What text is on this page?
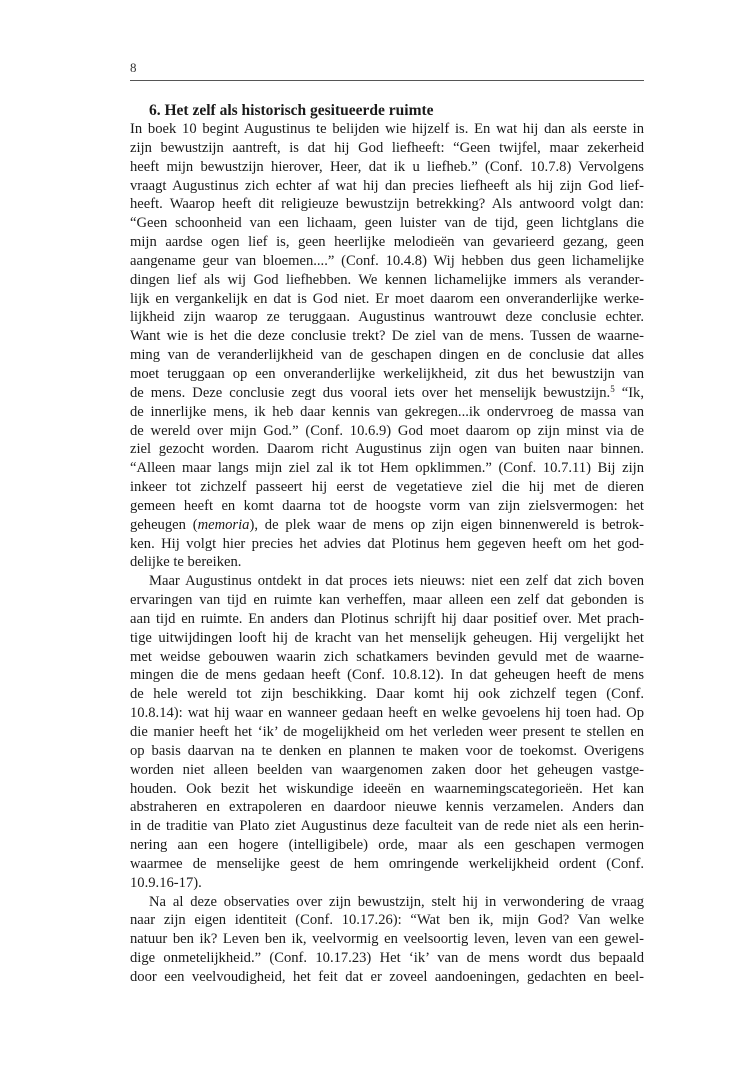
8
6. Het zelf als historisch gesitueerde ruimte

In boek 10 begint Augustinus te belijden wie hijzelf is. En wat hij dan als eerste in
zijn bewustzijn aantreft, is dat hij God liefheeft: “Geen twijfel, maar zekerheid
heeft mijn bewustzijn hierover, Heer, dat ik u liefheb.” (Conf. 10.7.8) Vervolgens
vraagt Augustinus zich echter af wat hij dan precies liefheeft als hij zijn God lief-
heeft. Waarop heeft dit religieuze bewustzijn betrekking? Als antwoord volgt dan:
“Geen schoonheid van een lichaam, geen luister van de tijd, geen lichtglans die
mijn aardse ogen lief is, geen heerlijke melodieën van gevarieerd gezang, geen
aangename geur van bloemen....” (Conf. 10.4.8) Wij hebben dus geen lichamelijke
dingen lief als wij God liefhebben. We kennen lichamelijke immers als verander-
lijk en vergankelijk en dat is God niet. Er moet daarom een onveranderlijke werke-
lijkheid zijn waarop ze teruggaan. Augustinus wantrouwt deze conclusie echter.
Want wie is het die deze conclusie trekt? De ziel van de mens. Tussen de waarne-
ming van de veranderlijkheid van de geschapen dingen en de conclusie dat alles
moet teruggaan op een onveranderlijke werkelijkheid, zit dus het bewustzijn van
de mens. Deze conclusie zegt dus vooral iets over het menselijk bewustzijn.$^5$ “Ik,
de innerlijke mens, ik heb daar kennis van gekregen...ik ondervroeg de massa van
de wereld over mijn God.” (Conf. 10.6.9) God moet daarom op zijn minst via de
ziel gezocht worden. Daarom richt Augustinus zijn ogen van buiten naar binnen.
“Alleen maar langs mijn ziel zal ik tot Hem opklimmen.” (Conf. 10.7.11) Bij zijn
inkeer tot zichzelf passeert hij eerst de vegetatieve ziel die hij met de dieren
gemeen heeft en komt daarna tot de hoogste vorm van zijn zielsvermogen: het
geheugen (memoria), de plek waar de mens op zijn eigen binnenwereld is betrok-
ken. Hij volgt hier precies het advies dat Plotinus hem gegeven heeft om het god-
delijke te bereiken.

Maar Augustinus ontdekt in dat proces iets nieuws: niet een zelf dat zich boven
ervaringen van tijd en ruimte kan verheffen, maar alleen een zelf dat gebonden is
aan tijd en ruimte. En anders dan Plotinus schrijft hij daar positief over. Met prach-
tige uitwijdingen looft hij de kracht van het menselijk geheugen. Hij vergelijkt het
met weidse gebouwen waarin zich schatkamers bevinden gevuld met de waarne-
mingen die de mens gedaan heeft (Conf. 10.8.12). In dat geheugen heeft de mens
de hele wereld tot zijn beschikking. Daar komt hij ook zichzelf tegen (Conf.
10.8.14): wat hij waar en wanneer gedaan heeft en welke gevoelens hij toen had. Op
die manier heeft het ‘ik’ de mogelijkheid om het verleden weer present te stellen en
op basis daarvan na te denken en plannen te maken voor de toekomst. Overigens
worden niet alleen beelden van waargenomen zaken door het geheugen vastge-
houden. Ook bezit het wiskundige ideeën en waarnemingscategorieën. Het kan
abstraheren en extrapoleren en daardoor nieuwe kennis verzamelen. Anders dan
in de traditie van Plato ziet Augustinus deze faculteit van de rede niet als een herin-
nering aan een hogere (intelligibele) orde, maar als een geschapen vermogen
waarmee de menselijke geest de hem omringende werkelijkheid ordent (Conf.
10.9.16-17).

Na al deze observaties over zijn bewustzijn, stelt hij in verwondering de vraag
naar zijn eigen identiteit (Conf. 10.17.26): “Wat ben ik, mijn God? Van welke
natuur ben ik? Leven ben ik, veelvormig en veelsoortig leven, leven van een gewel-
dige onmetelijkheid.” (Conf. 10.17.23) Het ‘ik’ van de mens wordt dus bepaald
door een veelvoudigheid, het feit dat er zoveel aandoeningen, gedachten en beel-
